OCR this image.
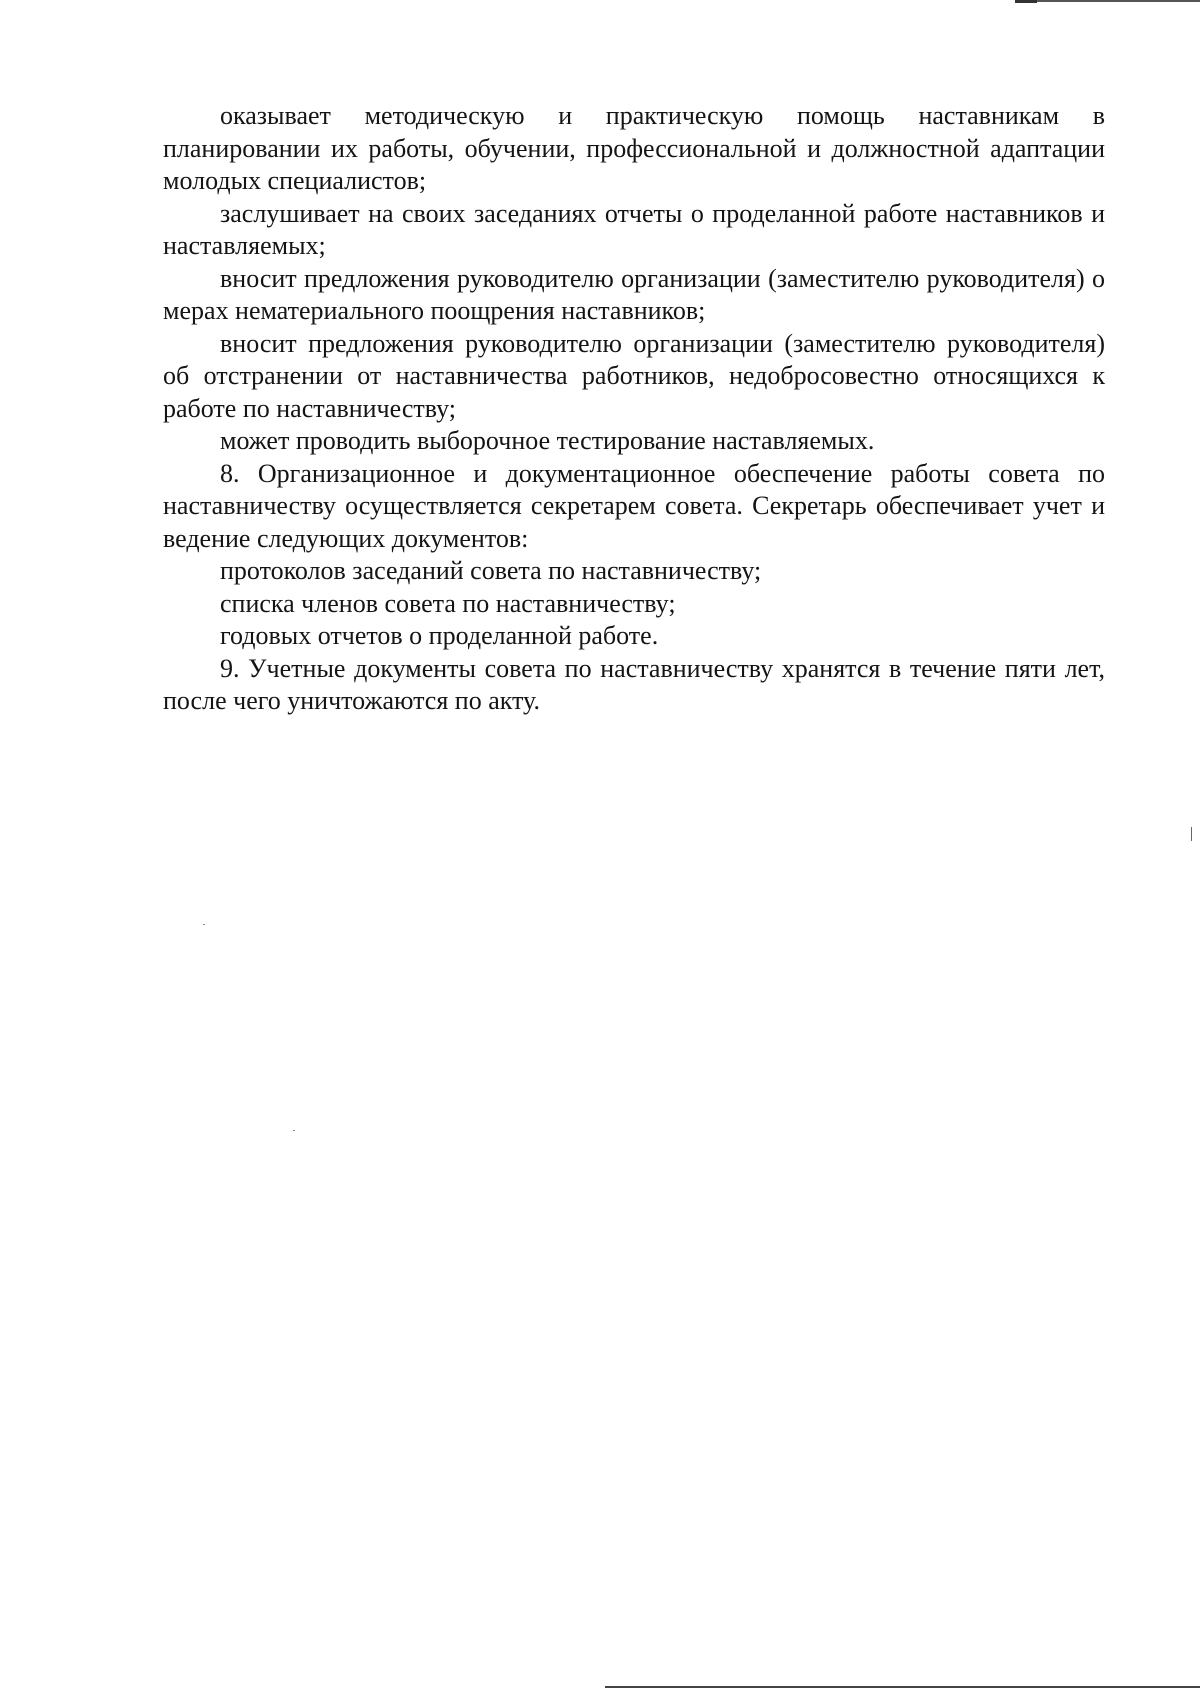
оказывает методическую и практическую помощь наставникам в планировании их работы, обучении, профессиональной и должностной адаптации молодых специалистов;

заслушивает на своих заседаниях отчеты о проделанной работе наставников и наставляемых;

вносит предложения руководителю организации (заместителю руководителя) о мерах нематериального поощрения наставников;

вносит предложения руководителю организации (заместителю руководителя) об отстранении от наставничества работников, недобросовестно относящихся к работе по наставничеству;

может проводить выборочное тестирование наставляемых.

8. Организационное и документационное обеспечение работы совета по наставничеству осуществляется секретарем совета. Секретарь обеспечивает учет и ведение следующих документов:

протоколов заседаний совета по наставничеству;

списка членов совета по наставничеству;

годовых отчетов о проделанной работе.

9. Учетные документы совета по наставничеству хранятся в течение пяти лет, после чего уничтожаются по акту.
